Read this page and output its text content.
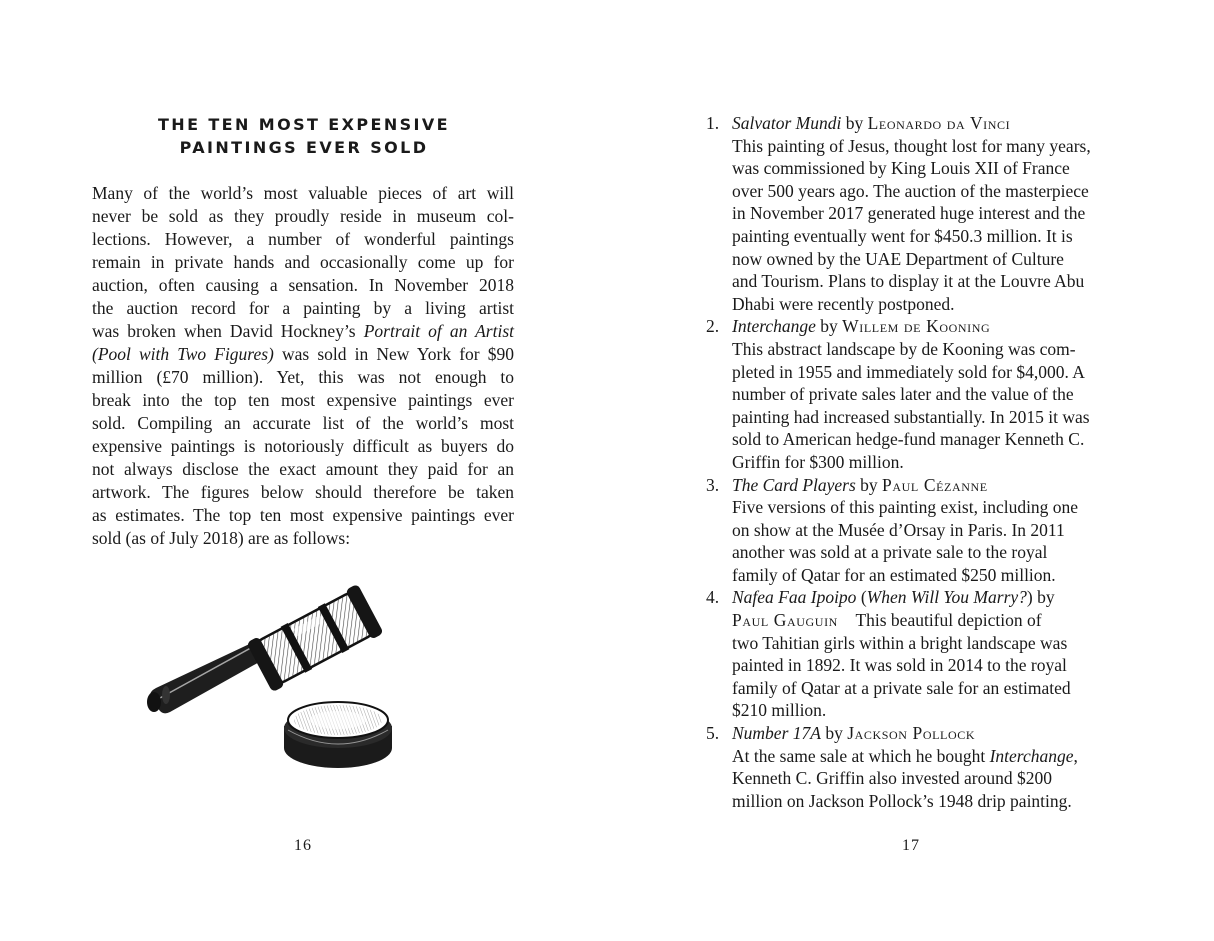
THE TEN MOST EXPENSIVE
PAINTINGS EVER SOLD
Many of the world’s most valuable pieces of art will
never be sold as they proudly reside in museum col-
lections. However, a number of wonderful paintings
remain in private hands and occasionally come up for
auction, often causing a sensation. In November 2018
the auction record for a painting by a living artist
was broken when David Hockney’s Portrait of an Artist
(Pool with Two Figures) was sold in New York for $90
million (£70 million). Yet, this was not enough to
break into the top ten most expensive paintings ever
sold. Compiling an accurate list of the world’s most
expensive paintings is notoriously difficult as buyers do
not always disclose the exact amount they paid for an
artwork. The figures below should therefore be taken
as estimates. The top ten most expensive paintings ever
sold (as of July 2018) are as follows:
16
1. Salvator Mundi by Leonardo da Vinci
This painting of Jesus, thought lost for many years,
was commissioned by King Louis XII of France
over 500 years ago. The auction of the masterpiece
in November 2017 generated huge interest and the
painting eventually went for $450.3 million. It is
now owned by the UAE Department of Culture
and Tourism. Plans to display it at the Louvre Abu
Dhabi were recently postponed.
2. Interchange by Willem de Kooning
This abstract landscape by de Kooning was com-
pleted in 1955 and immediately sold for $4,000. A
number of private sales later and the value of the
painting had increased substantially. In 2015 it was
sold to American hedge-fund manager Kenneth C.
Griffin for $300 million.
3. The Card Players by Paul Cézanne
Five versions of this painting exist, including one
on show at the Musée d’Orsay in Paris. In 2011
another was sold at a private sale to the royal
family of Qatar for an estimated $250 million.
4. Nafea Faa Ipoipo (When Will You Marry?) by
Paul Gauguin This beautiful depiction of
two Tahitian girls within a bright landscape was
painted in 1892. It was sold in 2014 to the royal
family of Qatar at a private sale for an estimated
$210 million.
5. Number 17A by Jackson Pollock
At the same sale at which he bought Interchange,
Kenneth C. Griffin also invested around $200
million on Jackson Pollock’s 1948 drip painting.
17
